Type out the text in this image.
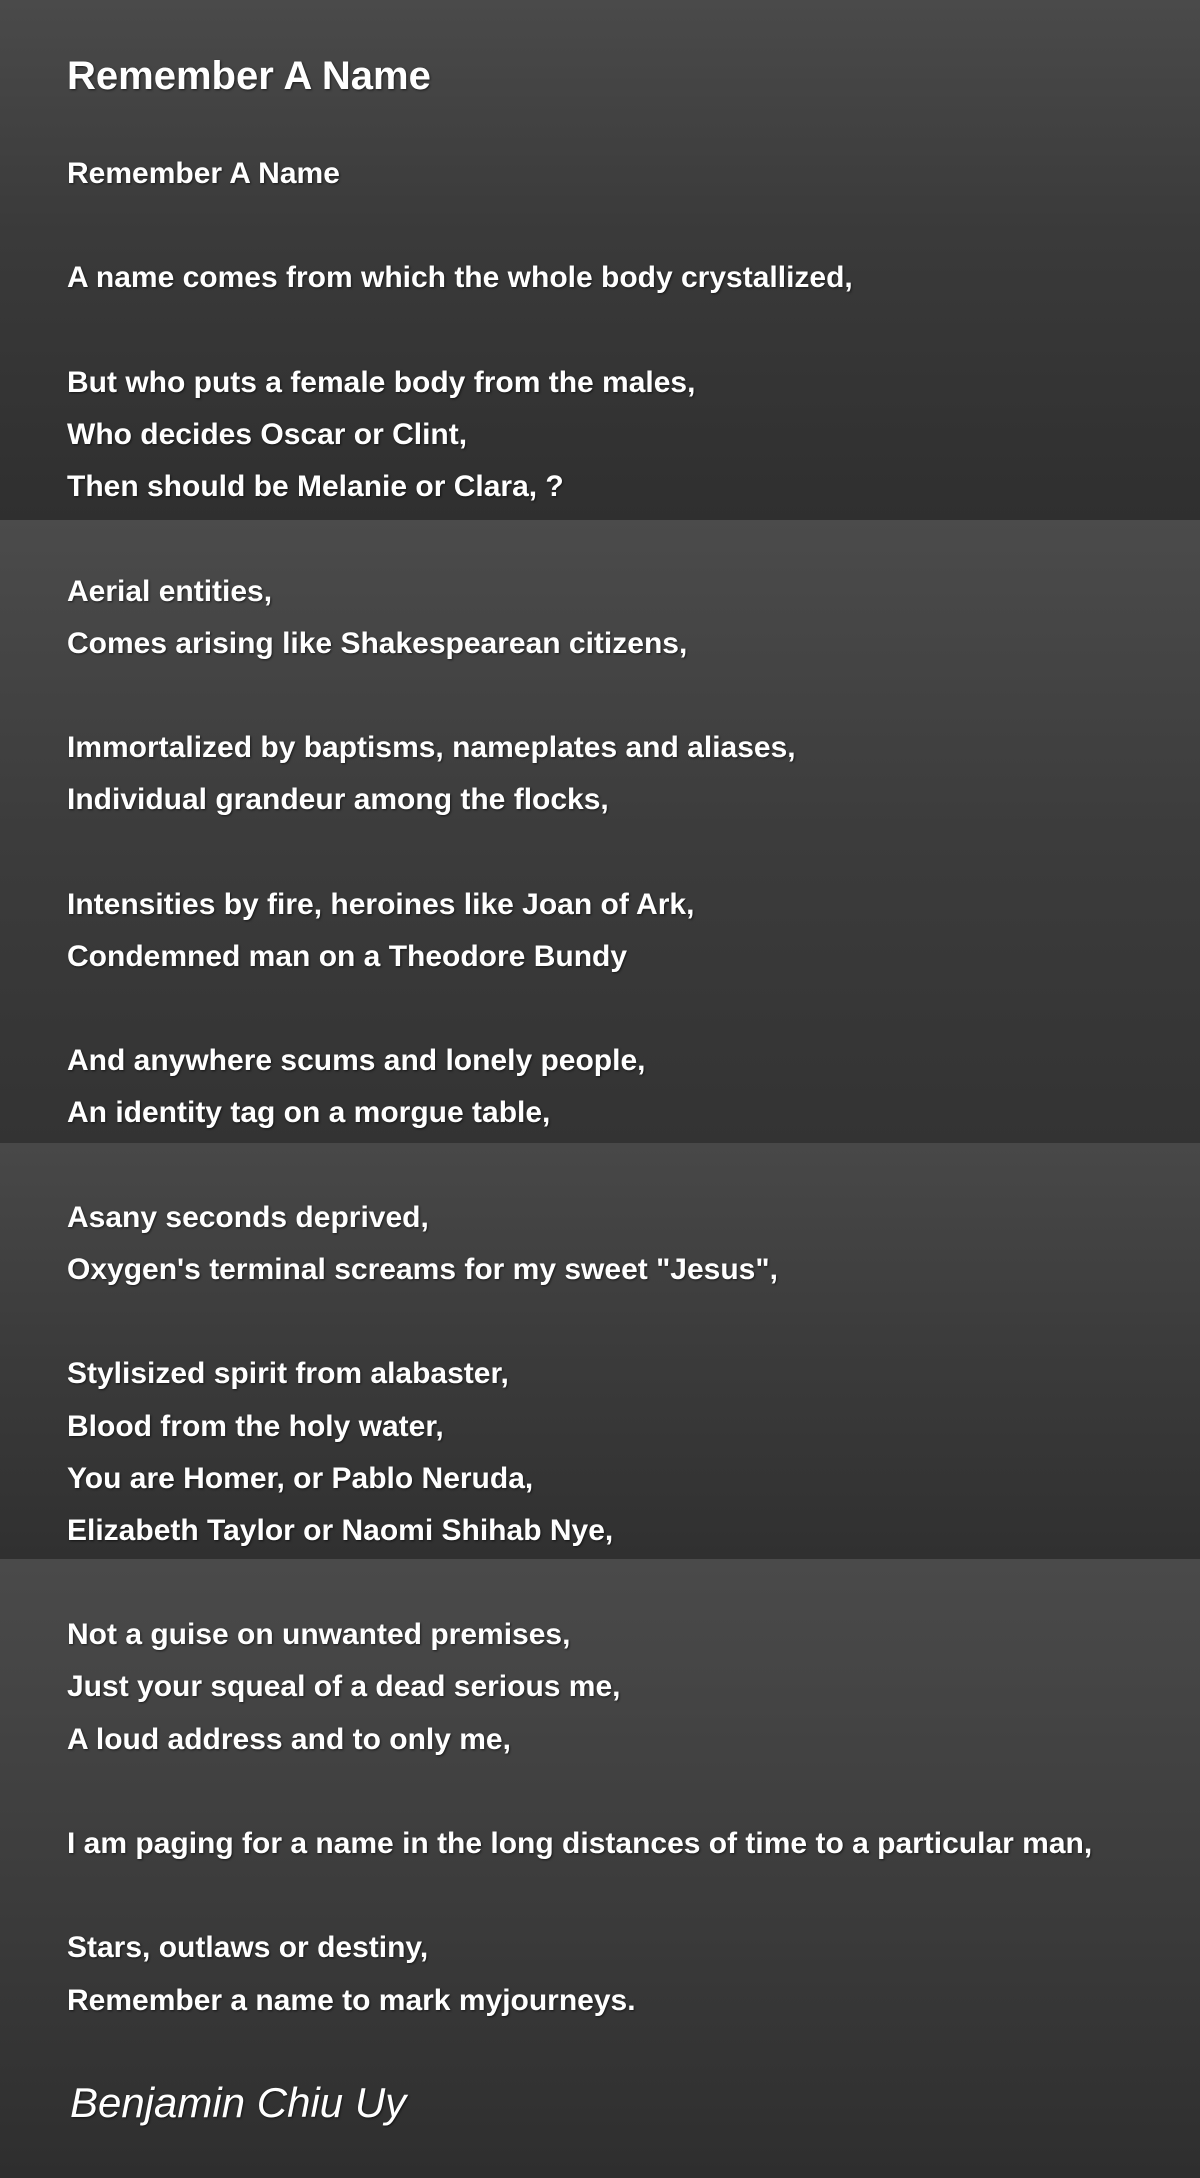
Remember A Name
Remember A Name
A name comes from which the whole body crystallized,
But who puts a female body from the males,
Who decides Oscar or Clint,
Then should be Melanie or Clara, ?
Aerial entities,
Comes arising like Shakespearean citizens,
Immortalized by baptisms, nameplates and aliases,
Individual grandeur among the flocks,
Intensities by fire, heroines like Joan of Ark,
Condemned man on a Theodore Bundy
And anywhere scums and lonely people,
An identity tag on a morgue table,
Asany seconds deprived,
Oxygen's terminal screams for my sweet "Jesus",
Stylisized spirit from alabaster,
Blood from the holy water,
You are Homer, or Pablo Neruda,
Elizabeth Taylor or Naomi Shihab Nye,
Not a guise on unwanted premises,
Just your squeal of a dead serious me,
A loud address and to only me,
I am paging for a name in the long distances of time to a particular man,
Stars, outlaws or destiny,
Remember a name to mark myjourneys.
Benjamin Chiu Uy
